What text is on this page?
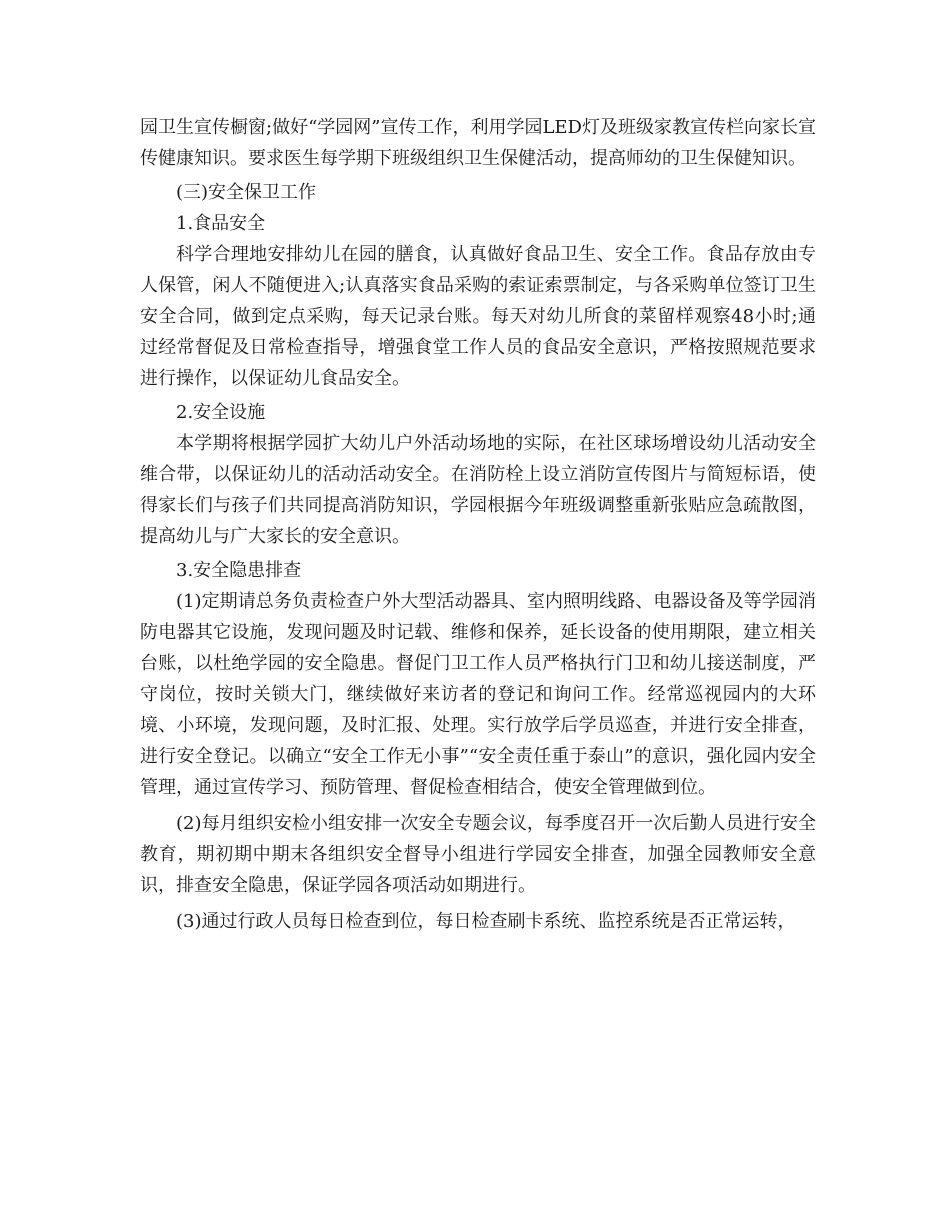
园卫生宣传橱窗;做好“学园网”宣传工作，利用学园LED灯及班级家教宣传栏向家长宣传健康知识。要求医生每学期下班级组织卫生保健活动，提高师幼的卫生保健知识。

(三)安全保卫工作

1.食品安全

科学合理地安排幼儿在园的膳食，认真做好食品卫生、安全工作。食品存放由专人保管，闲人不随便进入;认真落实食品采购的索证索票制定，与各采购单位签订卫生安全合同，做到定点采购，每天记录台账。每天对幼儿所食的菜留样观察48小时;通过经常督促及日常检查指导，增强食堂工作人员的食品安全意识，严格按照规范要求进行操作，以保证幼儿食品安全。

2.安全设施

本学期将根据学园扩大幼儿户外活动场地的实际，在社区球场增设幼儿活动安全维合带，以保证幼儿的活动活动安全。在消防栓上设立消防宣传图片与简短标语，使得家长们与孩子们共同提高消防知识，学园根据今年班级调整重新张贴应急疏散图，提高幼儿与广大家长的安全意识。

3.安全隐患排查

(1)定期请总务负责检查户外大型活动器具、室内照明线路、电器设备及等学园消防电器其它设施，发现问题及时记载、维修和保养，延长设备的使用期限，建立相关台账，以杜绝学园的安全隐患。督促门卫工作人员严格执行门卫和幼儿接送制度，严守岗位，按时关锁大门，继续做好来访者的登记和询问工作。经常巡视园内的大环境、小环境，发现问题，及时汇报、处理。实行放学后学员巡查，并进行安全排查，进行安全登记。以确立“安全工作无小事”“安全责任重于泰山”的意识，强化园内安全管理，通过宣传学习、预防管理、督促检查相结合，使安全管理做到位。

(2)每月组织安检小组安排一次安全专题会议，每季度召开一次后勤人员进行安全教育，期初期中期末各组织安全督导小组进行学园安全排查，加强全园教师安全意识，排查安全隐患，保证学园各项活动如期进行。

(3)通过行政人员每日检查到位，每日检查刷卡系统、监控系统是否正常运转，
